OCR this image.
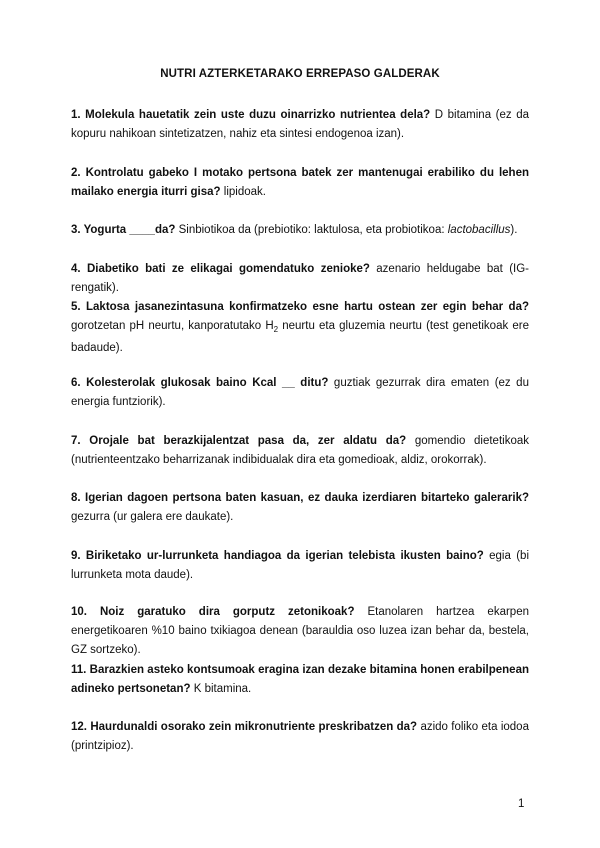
NUTRI AZTERKETARAKO ERREPASO GALDERAK

1. Molekula hauetatik zein uste duzu oinarrizko nutrientea dela? D bitamina (ez da kopuru nahikoan sintetizatzen, nahiz eta sintesi endogenoa izan).

2. Kontrolatu gabeko I motako pertsona batek zer mantenugai erabiliko du lehen mailako energia iturri gisa? lipidoak.

3. Yogurta ____da? Sinbiotikoa da (prebiotiko: laktulosa, eta probiotikoa: lactobacillus).

4. Diabetiko bati ze elikagai gomendatuko zenioke? azenario heldugabe bat (IG-rengatik).

5. Laktosa jasanezintasuna konfirmatzeko esne hartu ostean zer egin behar da? gorotzetan pH neurtu, kanporatutako $H_2$ neurtu eta gluzemia neurtu (test genetikoak ere badaude).

6. Kolesterolak glukosak baino Kcal __ ditu? guztiak gezurrak dira ematen (ez du energia funtziorik).

7. Orojale bat berazkijalentzat pasa da, zer aldatu da? gomendio dietetikoak (nutrienteentzako beharrizanak indibidualak dira eta gomedioak, aldiz, orokorrak).

8. Igerian dagoen pertsona baten kasuan, ez dauka izerdiaren bitarteko galerarik? gezurra (ur galera ere daukate).

9. Biriketako ur-lurrunketa handiagoa da igerian telebista ikusten baino? egia (bi lurrunketa mota daude).

10. Noiz garatuko dira gorputz zetonikoak? Etanolaren hartzea ekarpen energetikoaren %10 baino txikiagoa denean (barauldia oso luzea izan behar da, bestela, GZ sortzeko).

11. Barazkien asteko kontsumoak eragina izan dezake bitamina honen erabilpenean adineko pertsonetan? K bitamina.

12. Haurdunaldi osorako zein mikronutriente preskribatzen da? azido foliko eta iodoa (printzipioz).

1
